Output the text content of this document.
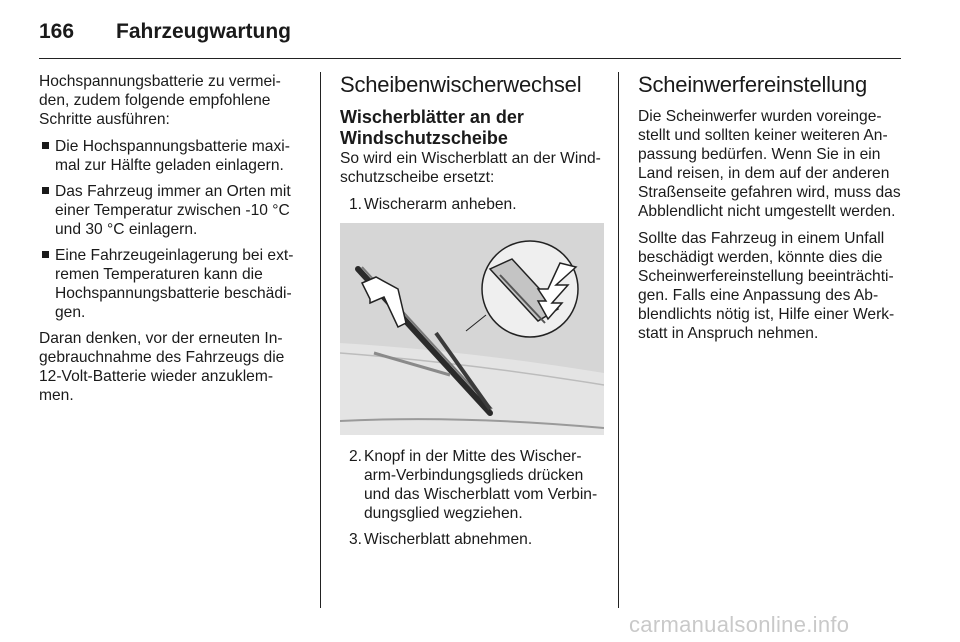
166 Fahrzeugwartung

Hochspannungsbatterie zu vermei-den, zudem folgende empfohlene Schritte ausführen:

Die Hochspannungsbatterie maxi-mal zur Hälfte geladen einlagern.
Das Fahrzeug immer an Orten mit einer Temperatur zwischen -10 °C und 30 °C einlagern.
Eine Fahrzeugeinlagerung bei ext-remen Temperaturen kann die Hochspannungsbatterie beschädi-gen.

Daran denken, vor der erneuten In-gebrauchnahme des Fahrzeugs die 12-Volt-Batterie wieder anzuklem-men.

Scheibenwischerwechsel
Wischerblätter an der
Windschutzscheibe

So wird ein Wischerblatt an der Wind-schutzscheibe ersetzt:

1. Wischerarm anheben.
2. Knopf in der Mitte des Wischer-arm-Verbindungsglieds drücken und das Wischerblatt vom Verbin-dungsglied wegziehen.
3. Wischerblatt abnehmen.
Scheinwerfereinstellung

Die Scheinwerfer wurden voreinge-stellt und sollten keiner weiteren An-passung bedürfen. Wenn Sie in ein Land reisen, in dem auf der anderen Straßenseite gefahren wird, muss das Abblendlicht nicht umgestellt werden.

Sollte das Fahrzeug in einem Unfall beschädigt werden, könnte dies die Scheinwerfereinstellung beeinträchti-gen. Falls eine Anpassung des Ab-blendlichts nötig ist, Hilfe einer Werk-statt in Anspruch nehmen.

carmanualsonline.info
